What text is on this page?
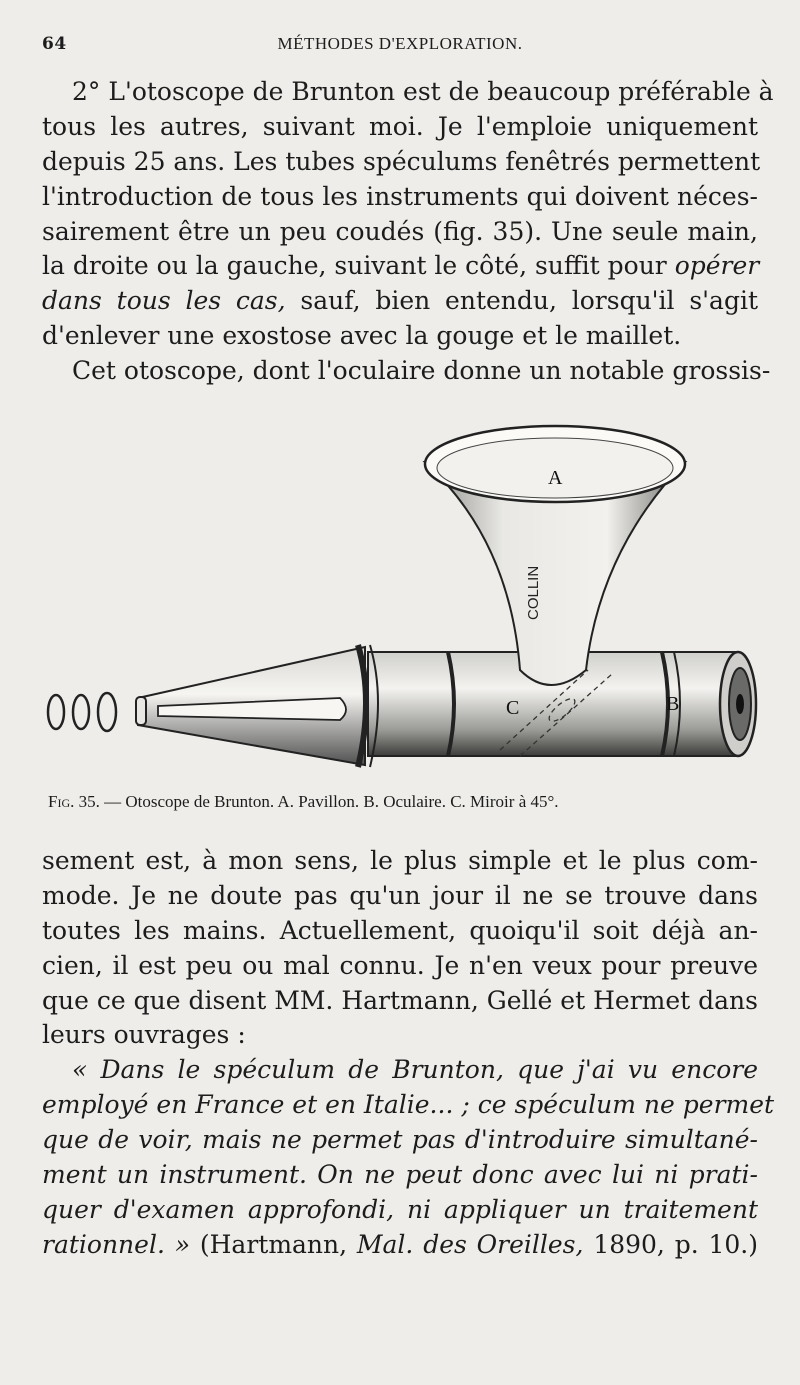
64	MÉTHODES D'EXPLORATION.
2° L'otoscope de Brunton est de beaucoup préférable à
tous les autres, suivant moi. Je l'emploie uniquement
depuis 25 ans. Les tubes spéculums fenêtrés permettent
l'introduction de tous les instruments qui doivent néces-
sairement être un peu coudés (fig. 35). Une seule main,
la droite ou la gauche, suivant le côté, suffit pour opérer
dans tous les cas, sauf, bien entendu, lorsqu'il s'agit
d'enlever une exostose avec la gouge et le maillet.
Cet otoscope, dont l'oculaire donne un notable grossis-
COLLIN
A
B
C
Fig. 35. — Otoscope de Brunton. A. Pavillon. B. Oculaire. C. Miroir à 45°.
sement est, à mon sens, le plus simple et le plus com-
mode. Je ne doute pas qu'un jour il ne se trouve dans
toutes les mains. Actuellement, quoiqu'il soit déjà an-
cien, il est peu ou mal connu. Je n'en veux pour preuve
que ce que disent MM. Hartmann, Gellé et Hermet dans
leurs ouvrages :
« Dans le spéculum de Brunton, que j'ai vu encore
employé en France et en Italie... ; ce spéculum ne permet
que de voir, mais ne permet pas d'introduire simultané-
ment un instrument. On ne peut donc avec lui ni prati-
quer d'examen approfondi, ni appliquer un traitement
rationnel. » (Hartmann, Mal. des Oreilles, 1890, p. 10.)
